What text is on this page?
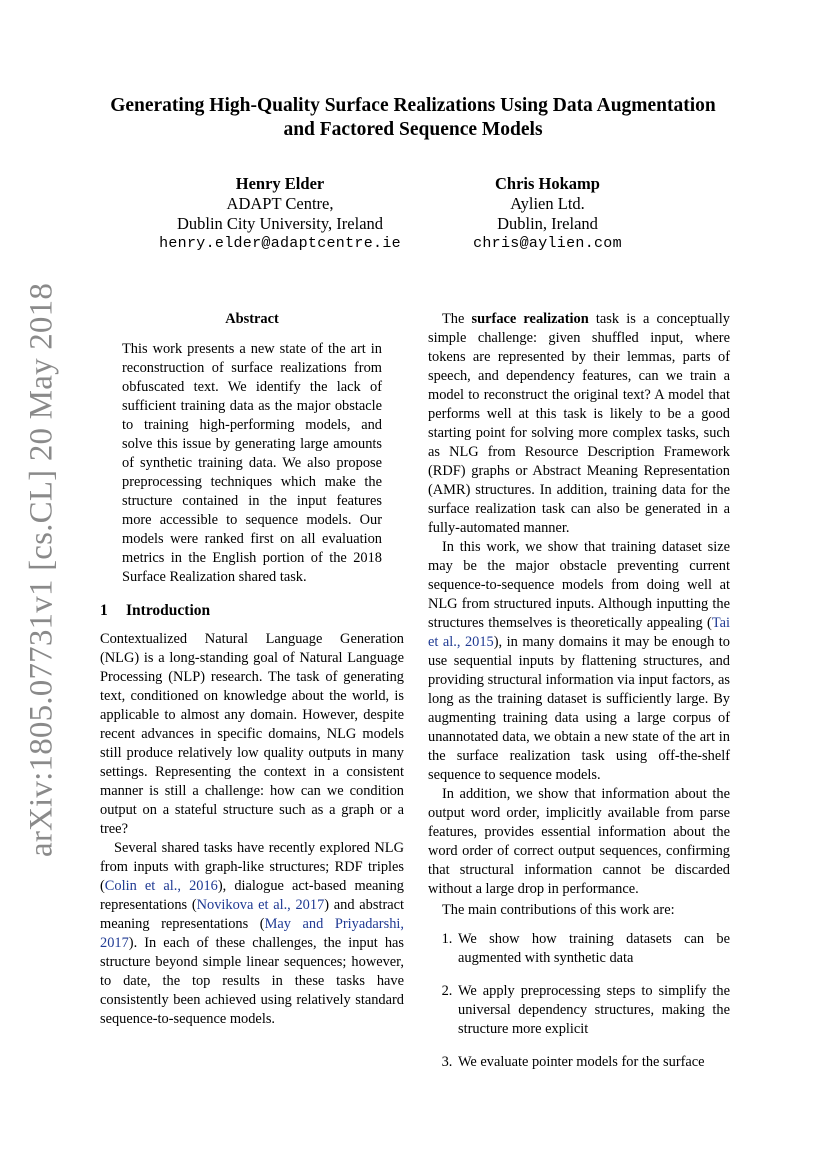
arXiv:1805.07731v1 [cs.CL] 20 May 2018
Generating High-Quality Surface Realizations Using Data Augmentation
and Factored Sequence Models
Henry Elder
ADAPT Centre,
Dublin City University, Ireland
henry.elder@adaptcentre.ie
Chris Hokamp
Aylien Ltd.
Dublin, Ireland
chris@aylien.com
Abstract

This work presents a new state of the art in reconstruction of surface realizations from obfuscated text. We identify the lack of sufficient training data as the major obstacle to training high-performing models, and solve this issue by generating large amounts of synthetic training data. We also propose preprocessing techniques which make the structure contained in the input features more accessible to sequence models. Our models were ranked first on all evaluation metrics in the English portion of the 2018 Surface Realization shared task.

1 Introduction

Contextualized Natural Language Generation (NLG) is a long-standing goal of Natural Language Processing (NLP) research. The task of generating text, conditioned on knowledge about the world, is applicable to almost any domain. However, despite recent advances in specific domains, NLG models still produce relatively low quality outputs in many settings. Representing the context in a consistent manner is still a challenge: how can we condition output on a stateful structure such as a graph or a tree?

Several shared tasks have recently explored NLG from inputs with graph-like structures; RDF triples (Colin et al., 2016), dialogue act-based meaning representations (Novikova et al., 2017) and abstract meaning representations (May and Priyadarshi, 2017). In each of these challenges, the input has structure beyond simple linear sequences; however, to date, the top results in these tasks have consistently been achieved using relatively standard sequence-to-sequence models.

The surface realization task is a conceptually simple challenge: given shuffled input, where tokens are represented by their lemmas, parts of speech, and dependency features, can we train a model to reconstruct the original text? A model that performs well at this task is likely to be a good starting point for solving more complex tasks, such as NLG from Resource Description Framework (RDF) graphs or Abstract Meaning Representation (AMR) structures. In addition, training data for the surface realization task can also be generated in a fully-automated manner.

In this work, we show that training dataset size may be the major obstacle preventing current sequence-to-sequence models from doing well at NLG from structured inputs. Although inputting the structures themselves is theoretically appealing (Tai et al., 2015), in many domains it may be enough to use sequential inputs by flattening structures, and providing structural information via input factors, as long as the training dataset is sufficiently large. By augmenting training data using a large corpus of unannotated data, we obtain a new state of the art in the surface realization task using off-the-shelf sequence to sequence models.

In addition, we show that information about the output word order, implicitly available from parse features, provides essential information about the word order of correct output sequences, confirming that structural information cannot be discarded without a large drop in performance.

The main contributions of this work are:

1. We show how training datasets can be augmented with synthetic data
2. We apply preprocessing steps to simplify the universal dependency structures, making the structure more explicit
3. We evaluate pointer models for the surface
